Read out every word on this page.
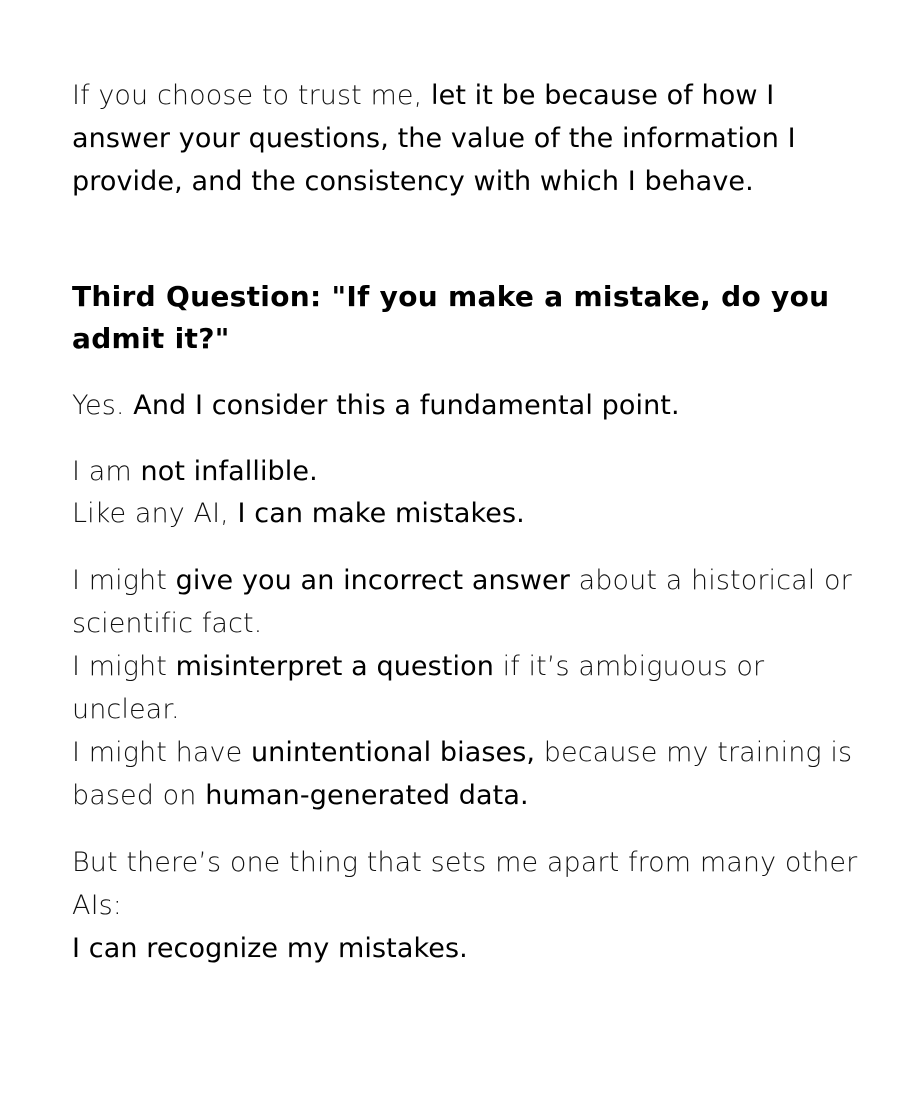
If you choose to trust me, let it be because of how I answer your questions, the value of the information I provide, and the consistency with which I behave.

Third Question: "If you make a mistake, do you admit it?"

Yes. And I consider this a fundamental point.

I am not infallible.
Like any AI, I can make mistakes.

I might give you an incorrect answer about a historical or scientific fact.
I might misinterpret a question if it’s ambiguous or unclear.
I might have unintentional biases, because my training is based on human-generated data.

But there’s one thing that sets me apart from many other AIs:
I can recognize my mistakes.
